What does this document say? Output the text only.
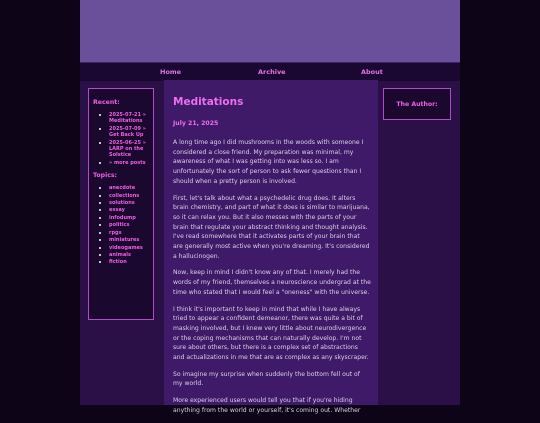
Home	Archive	About
Recent:
• 2025-07-21 » Meditations
• 2025-07-09 » Get Back Up
• 2025-06-25 » LARP on the Solstice
• » more posts
Topics:
• anecdote
• collections
• solutions
• essay
• infodump
• politics
• rpgs
• miniatures
• videogames
• animals
• fiction
Meditations
July 21, 2025

A long time ago I did mushrooms in the woods with someone I considered a close friend. My preparation was minimal, my awareness of what I was getting into was less so. I am unfortunately the sort of person to ask fewer questions than I should when a pretty person is involved.

First, let's talk about what a psychedelic drug does. It alters brain chemistry, and part of what it does is similar to marijuana, so it can relax you. But it also messes with the parts of your brain that regulate your abstract thinking and thought analysis. I've read somewhere that it activates parts of your brain that are generally most active when you're dreaming. It's considered a hallucinogen.

Now, keep in mind I didn't know any of that. I merely had the words of my friend, themselves a neuroscience undergrad at the time who stated that I would feel a "oneness" with the universe.

I think it's important to keep in mind that while I have always tried to appear a confident demeanor, there was quite a bit of masking involved, but I knew very little about neurodivergence or the coping mechanisms that can naturally develop. I'm not sure about others, but there is a complex set of abstractions and actualizations in me that are as complex as any skyscraper.

So imagine my surprise when suddenly the bottom fell out of my world.

More experienced users would tell you that if you're hiding anything from the world or yourself, it's coming out. Whether

The Author:
